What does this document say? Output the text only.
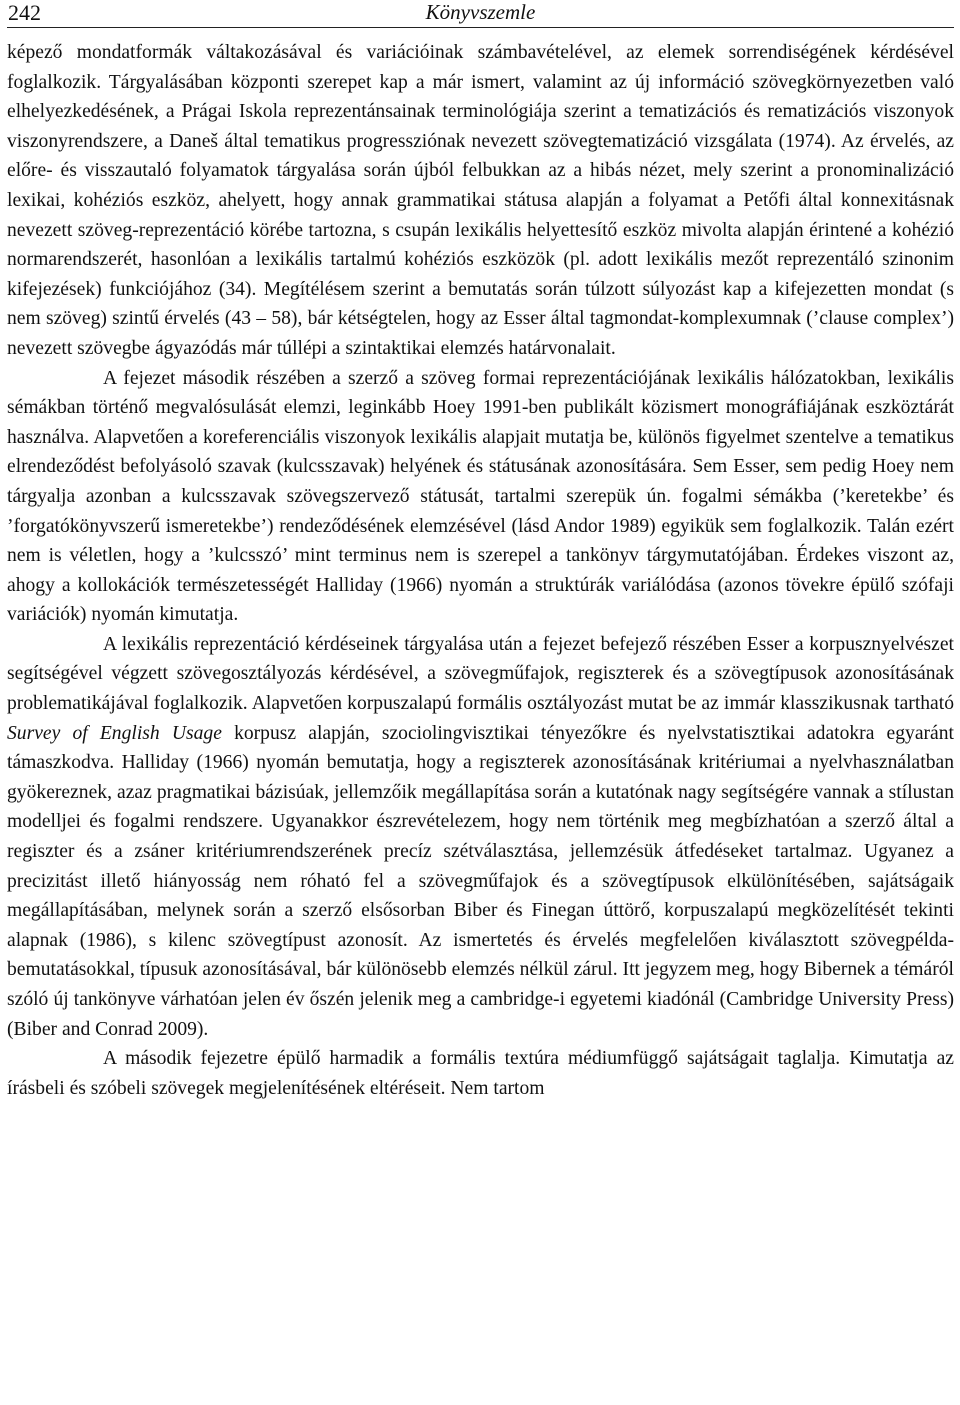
242	Könyvszemle

képező mondatformák váltakozásával és variációinak számbavételével, az elemek sorrendiségének kérdésével foglalkozik. Tárgyalásában központi szerepet kap a már ismert, valamint az új információ szövegkörnyezetben való elhelyezkedésének, a Prágai Iskola reprezentánsainak terminológiája szerint a tematizációs és rematizációs viszonyok viszonyrendszere, a Daneš által tematikus progressziónak nevezett szövegtematizáció vizsgálata (1974). Az érvelés, az előre- és visszautaló folyamatok tárgyalása során újból felbukkan az a hibás nézet, mely szerint a pronominalizáció lexikai, kohéziós eszköz, ahelyett, hogy annak grammatikai státusa alapján a folyamat a Petőfi által konnexitásnak nevezett szöveg-reprezentáció körébe tartozna, s csupán lexikális helyettesítő eszköz mivolta alapján érintené a kohézió normarendszerét, hasonlóan a lexikális tartalmú kohéziós eszközök (pl. adott lexikális mezőt reprezentáló szinonim kifejezések) funkciójához (34). Megítélésem szerint a bemutatás során túlzott súlyozást kap a kifejezetten mondat (s nem szöveg) szintű érvelés (43 – 58), bár kétségtelen, hogy az Esser által tagmondat-komplexumnak (’clause complex’) nevezett szövegbe ágyazódás már túllépi a szintaktikai elemzés határvonalait.

A fejezet második részében a szerző a szöveg formai reprezentációjának lexikális hálózatokban, lexikális sémákban történő megvalósulását elemzi, leginkább Hoey 1991-ben publikált közismert monográfiájának eszköztárát használva. Alapvetően a koreferenciális viszonyok lexikális alapjait mutatja be, különös figyelmet szentelve a tematikus elrendeződést befolyásoló szavak (kulcsszavak) helyének és státusának azonosítására. Sem Esser, sem pedig Hoey nem tárgyalja azonban a kulcsszavak szövegszervező státusát, tartalmi szerepük ún. fogalmi sémákba (’keretekbe’ és ’forgatókönyvszerű ismeretekbe’) rendeződésének elemzésével (lásd Andor 1989) egyikük sem foglalkozik. Talán ezért nem is véletlen, hogy a ’kulcsszó’ mint terminus nem is szerepel a tankönyv tárgymutatójában. Érdekes viszont az, ahogy a kollokációk természetességét Halliday (1966) nyomán a struktúrák variálódása (azonos tövekre épülő szófaji variációk) nyomán kimutatja.

A lexikális reprezentáció kérdéseinek tárgyalása után a fejezet befejező részében Esser a korpusznyelvészet segítségével végzett szövegosztályozás kérdésével, a szövegműfajok, regiszterek és a szövegtípusok azonosításának problematikájával foglalkozik. Alapvetően korpuszalapú formális osztályozást mutat be az immár klasszikusnak tartható Survey of English Usage korpusz alapján, szociolingvisztikai tényezőkre és nyelvstatisztikai adatokra egyaránt támaszkodva. Halliday (1966) nyomán bemutatja, hogy a regiszterek azonosításának kritériumai a nyelvhasználatban gyökereznek, azaz pragmatikai bázisúak, jellemzőik megállapítása során a kutatónak nagy segítségére vannak a stílustan modelljei és fogalmi rendszere. Ugyanakkor észrevételezem, hogy nem történik meg megbízhatóan a szerző által a regiszter és a zsáner kritériumrendszerének precíz szétválasztása, jellemzésük átfedéseket tartalmaz. Ugyanez a precizitást illető hiányosság nem róható fel a szövegműfajok és a szövegtípusok elkülönítésében, sajátságaik megállapításában, melynek során a szerző elsősorban Biber és Finegan úttörő, korpuszalapú megközelítését tekinti alapnak (1986), s kilenc szövegtípust azonosít. Az ismertetés és érvelés megfelelően kiválasztott szövegpélda-bemutatásokkal, típusuk azonosításával, bár különösebb elemzés nélkül zárul. Itt jegyzem meg, hogy Bibernek a témáról szóló új tankönyve várhatóan jelen év őszén jelenik meg a cambridge-i egyetemi kiadónál (Cambridge University Press) (Biber and Conrad 2009).

A második fejezetre épülő harmadik a formális textúra médiumfüggő sajátságait taglalja. Kimutatja az írásbeli és szóbeli szövegek megjelenítésének eltéréseit. Nem tartom
